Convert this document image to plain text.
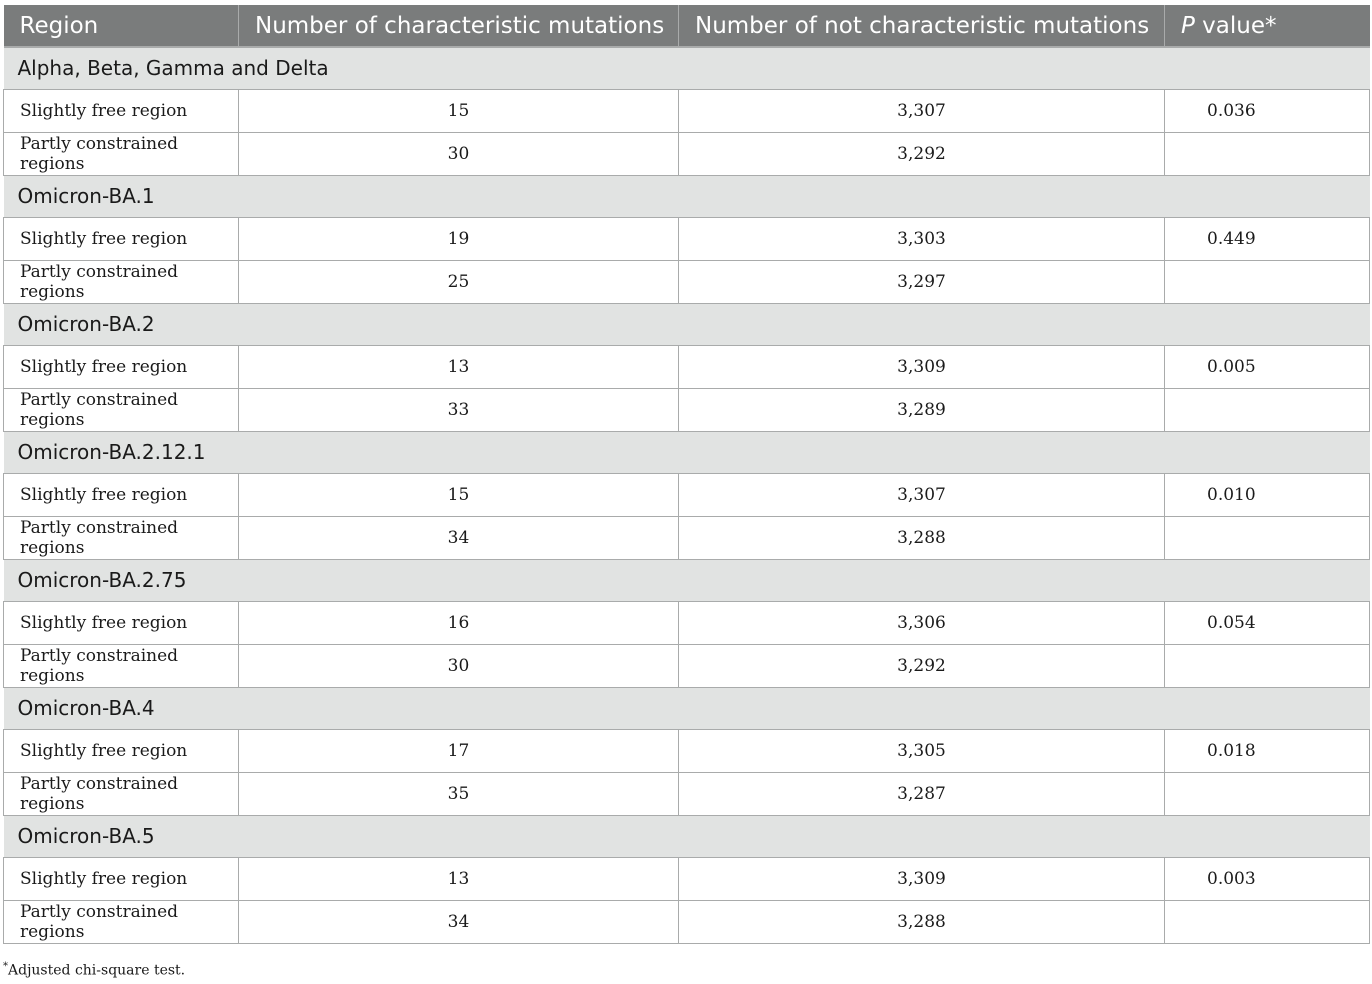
Region	Number of characteristic mutations	Number of not characteristic mutations	P value*
Alpha, Beta, Gamma and Delta			
Slightly free region	15	3,307	0.036
Partly constrained regions	30	3,292	
Omicron-BA.1			
Slightly free region	19	3,303	0.449
Partly constrained regions	25	3,297	
Omicron-BA.2			
Slightly free region	13	3,309	0.005
Partly constrained regions	33	3,289	
Omicron-BA.2.12.1			
Slightly free region	15	3,307	0.010
Partly constrained regions	34	3,288	
Omicron-BA.2.75			
Slightly free region	16	3,306	0.054
Partly constrained regions	30	3,292	
Omicron-BA.4			
Slightly free region	17	3,305	0.018
Partly constrained regions	35	3,287	
Omicron-BA.5			
Slightly free region	13	3,309	0.003
Partly constrained regions	34	3,288	
*Adjusted chi-square test.
